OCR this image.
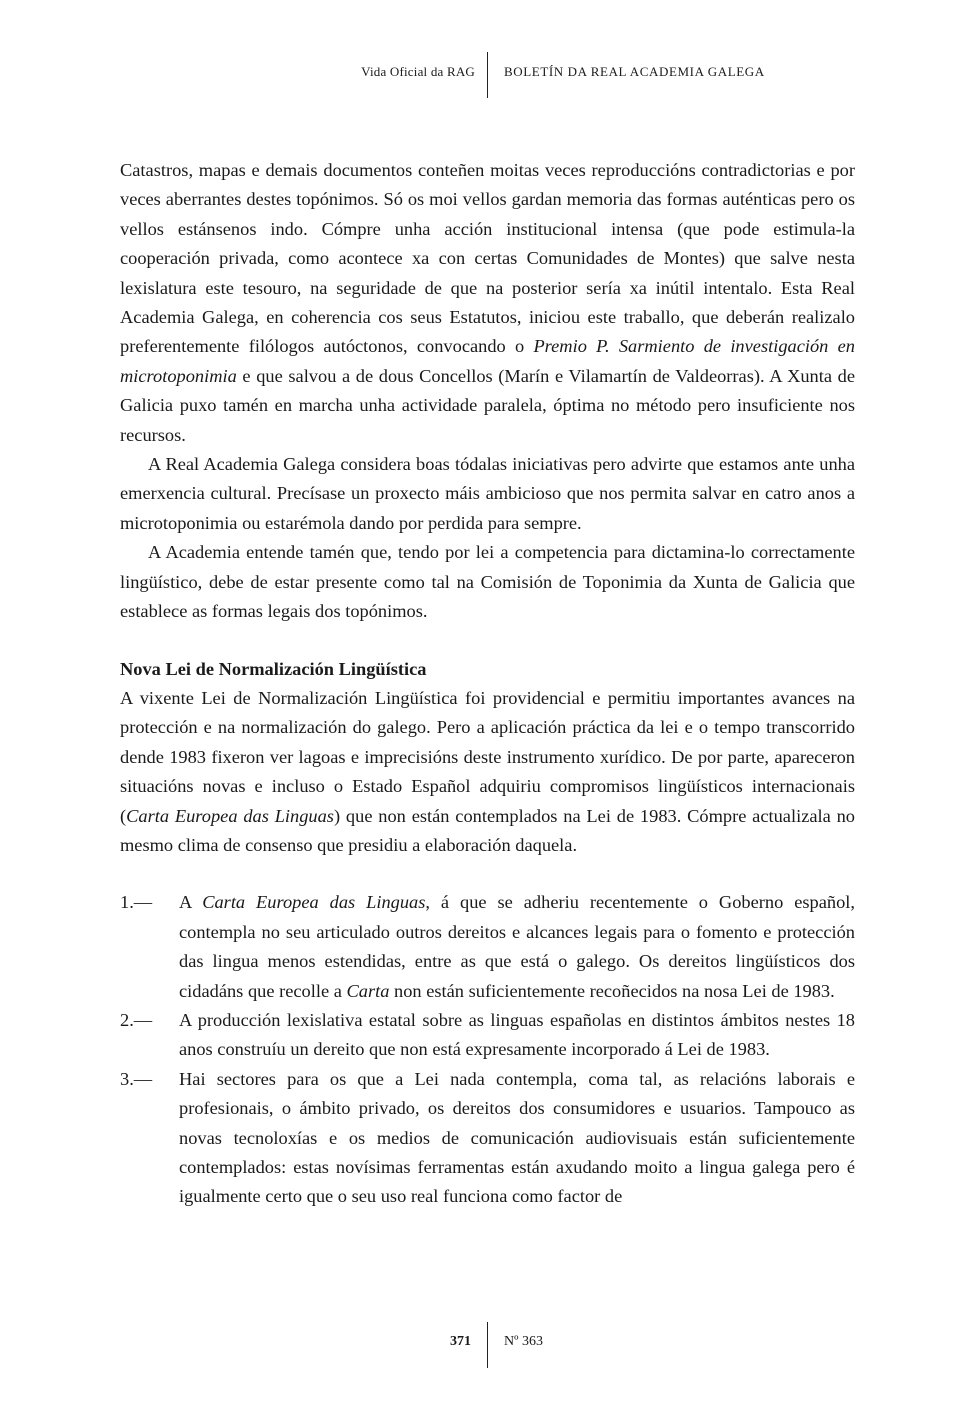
Vida Oficial da RAG BOLETÍN DA REAL ACADEMIA GALEGA

Catastros, mapas e demais documentos conteñen moitas veces reproduccións contradictorias e por veces aberrantes destes topónimos. Só os moi vellos gardan memoria das formas auténticas pero os vellos estánsenos indo. Cómpre unha acción institucional intensa (que pode estimula-la cooperación privada, como acontece xa con certas Comunidades de Montes) que salve nesta lexislatura este tesouro, na seguridade de que na posterior sería xa inútil intentalo. Esta Real Academia Galega, en coherencia cos seus Estatutos, iniciou este traballo, que deberán realizalo preferentemente filólogos autóctonos, convocando o Premio P. Sarmiento de investigación en microtoponimia e que salvou a de dous Concellos (Marín e Vilamartín de Valdeorras). A Xunta de Galicia puxo tamén en marcha unha actividade paralela, óptima no método pero insuficiente nos recursos.

A Real Academia Galega considera boas tódalas iniciativas pero advirte que estamos ante unha emerxencia cultural. Precísase un proxecto máis ambicioso que nos permita salvar en catro anos a microtoponimia ou estarémola dando por perdida para sempre.

A Academia entende tamén que, tendo por lei a competencia para dictamina-lo correctamente lingüístico, debe de estar presente como tal na Comisión de Toponimia da Xunta de Galicia que establece as formas legais dos topónimos.

Nova Lei de Normalización Lingüística

A vixente Lei de Normalización Lingüística foi providencial e permitiu importantes avances na protección e na normalización do galego. Pero a aplicación práctica da lei e o tempo transcorrido dende 1983 fixeron ver lagoas e imprecisións deste instrumento xurídico. De por parte, apareceron situacións novas e incluso o Estado Español adquiriu compromisos lingüísticos internacionais (Carta Europea das Linguas) que non están contemplados na Lei de 1983. Cómpre actualizala no mesmo clima de consenso que presidiu a elaboración daquela.

1.— A Carta Europea das Linguas, á que se adheriu recentemente o Goberno español, contempla no seu articulado outros dereitos e alcances legais para o fomento e protección das lingua menos estendidas, entre as que está o galego. Os dereitos lingüísticos dos cidadáns que recolle a Carta non están suficientemente recoñecidos na nosa Lei de 1983.
2.— A producción lexislativa estatal sobre as linguas españolas en distintos ámbitos nestes 18 anos construíu un dereito que non está expresamente incorporado á Lei de 1983.
3.— Hai sectores para os que a Lei nada contempla, coma tal, as relacións laborais e profesionais, o ámbito privado, os dereitos dos consumidores e usuarios. Tampouco as novas tecnoloxías e os medios de comunicación audiovisuais están suficientemente contemplados: estas novísimas ferramentas están axudando moito a lingua galega pero é igualmente certo que o seu uso real funciona como factor de
371 Nº 363
